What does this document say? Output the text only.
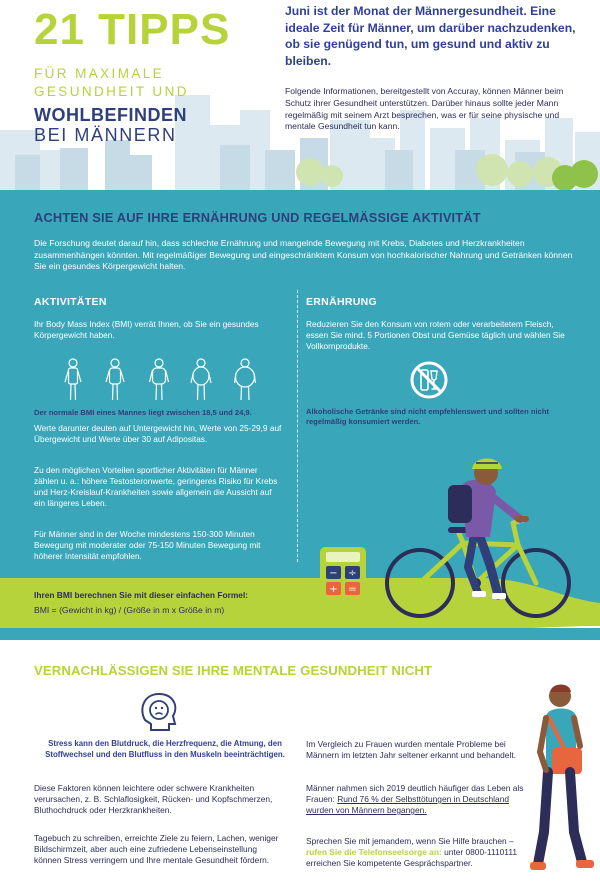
21 TIPPS
FÜR MAXIMALE
GESUNDHEIT UND
WOHLBEFINDEN
BEI MÄNNERN
Juni ist der Monat der Männergesundheit. Eine ideale Zeit für Männer, um darüber nachzudenken, ob sie genügend tun, um gesund und aktiv zu bleiben.
Folgende Informationen, bereitgestellt von Accuray, können Männer beim Schutz ihrer Gesundheit unterstützen. Darüber hinaus sollte jeder Mann regelmäßig mit seinem Arzt besprechen, was er für seine physische und mentale Gesundheit tun kann.
ACHTEN SIE AUF IHRE ERNÄHRUNG UND REGELMÄSSIGE AKTIVITÄT
Die Forschung deutet darauf hin, dass schlechte Ernährung und mangelnde Bewegung mit Krebs, Diabetes und Herzkrankheiten zusammenhängen könnten. Mit regelmäßiger Bewegung und eingeschränktem Konsum von hochkalorischer Nahrung und Getränken können Sie ein gesundes Körpergewicht halten.
AKTIVITÄTEN
Ihr Body Mass Index (BMI) verrät Ihnen, ob Sie ein gesundes Körpergewicht haben.
Der normale BMI eines Mannes liegt zwischen 18,5 und 24,9.
Werte darunter deuten auf Untergewicht hin, Werte von 25-29,9 auf Übergewicht und Werte über 30 auf Adipositas.
Zu den möglichen Vorteilen sportlicher Aktivitäten für Männer zählen u. a.: höhere Testosteronwerte, geringeres Risiko für Krebs und Herz-Kreislauf-Krankheiten sowie allgemein die Aussicht auf ein längeres Leben.
Für Männer sind in der Woche mindestens 150-300 Minuten Bewegung mit moderater oder 75-150 Minuten Bewegung mit höherer Intensität empfohlen.
ERNÄHRUNG
Reduzieren Sie den Konsum von rotem oder verarbeitetem Fleisch, essen Sie mind. 5 Portionen Obst und Gemüse täglich und wählen Sie Vollkornprodukte.
Alkoholische Getränke sind nicht empfehlenswert und sollten nicht regelmäßig konsumiert werden.
Ihren BMI berechnen Sie mit dieser einfachen Formel:
BMI = (Gewicht in kg) / (Größe in m x Größe in m)
− ÷
+ =
VERNACHLÄSSIGEN SIE IHRE MENTALE GESUNDHEIT NICHT
Stress kann den Blutdruck, die Herzfrequenz, die Atmung, den Stoffwechsel und den Blutfluss in den Muskeln beeinträchtigen.
Diese Faktoren können leichtere oder schwere Krankheiten verursachen, z. B. Schlaflosigkeit, Rücken- und Kopfschmerzen, Bluthochdruck oder Herzkrankheiten.
Tagebuch zu schreiben, erreichte Ziele zu feiern, Lachen, weniger Bildschirmzeit, aber auch eine zufriedene Lebenseinstellung können Stress verringern und Ihre mentale Gesundheit fördern.
Im Vergleich zu Frauen wurden mentale Probleme bei Männern im letzten Jahr seltener erkannt und behandelt.
Männer nahmen sich 2019 deutlich häufiger das Leben als Frauen: Rund 76 % der Selbsttötungen in Deutschland wurden von Männern begangen.
Sprechen Sie mit jemandem, wenn Sie Hilfe brauchen – rufen Sie die Telefonseelsorge an: unter 0800-1110111 erreichen Sie kompetente Gesprächspartner.
